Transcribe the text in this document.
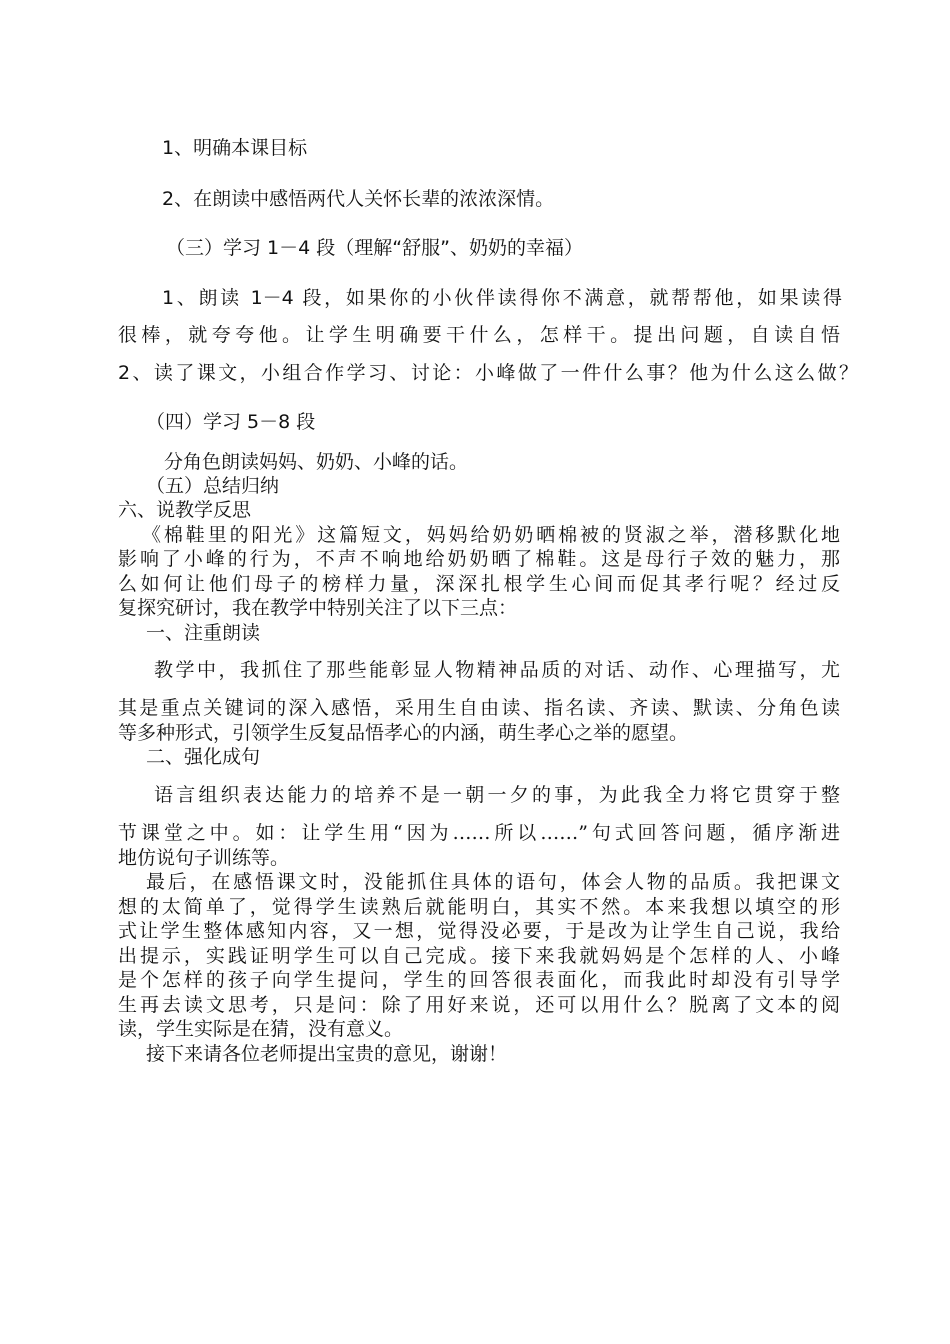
1、明确本课目标
2、在朗读中感悟两代人关怀长辈的浓浓深情。
（三）学习 1－4 段（理解“舒服”、奶奶的幸福）
1、朗读 1－4 段，如果你的小伙伴读得你不满意，就帮帮他，如果读得
很棒，就夸夸他。让学生明确要干什么，怎样干。提出问题，自读自悟
2、读了课文，小组合作学习、讨论：小峰做了一件什么事？他为什么这么做？
（四）学习 5－8 段
分角色朗读妈妈、奶奶、小峰的话。
（五）总结归纳
六、说教学反思
《棉鞋里的阳光》这篇短文，妈妈给奶奶晒棉被的贤淑之举，潜移默化地
影响了小峰的行为，不声不响地给奶奶晒了棉鞋。这是母行子效的魅力，那
么如何让他们母子的榜样力量，深深扎根学生心间而促其孝行呢？经过反
复探究研讨，我在教学中特别关注了以下三点：
一、注重朗读
教学中，我抓住了那些能彰显人物精神品质的对话、动作、心理描写，尤
其是重点关键词的深入感悟，采用生自由读、指名读、齐读、默读、分角色读
等多种形式，引领学生反复品悟孝心的内涵，萌生孝心之举的愿望。
二、强化成句
语言组织表达能力的培养不是一朝一夕的事，为此我全力将它贯穿于整
节课堂之中。如：让学生用“因为……所以……”句式回答问题，循序渐进
地仿说句子训练等。
最后，在感悟课文时，没能抓住具体的语句，体会人物的品质。我把课文
想的太简单了，觉得学生读熟后就能明白，其实不然。本来我想以填空的形
式让学生整体感知内容，又一想，觉得没必要，于是改为让学生自己说，我给
出提示，实践证明学生可以自己完成。接下来我就妈妈是个怎样的人、小峰
是个怎样的孩子向学生提问，学生的回答很表面化，而我此时却没有引导学
生再去读文思考，只是问：除了用好来说，还可以用什么？脱离了文本的阅
读，学生实际是在猜，没有意义。
接下来请各位老师提出宝贵的意见，谢谢！
